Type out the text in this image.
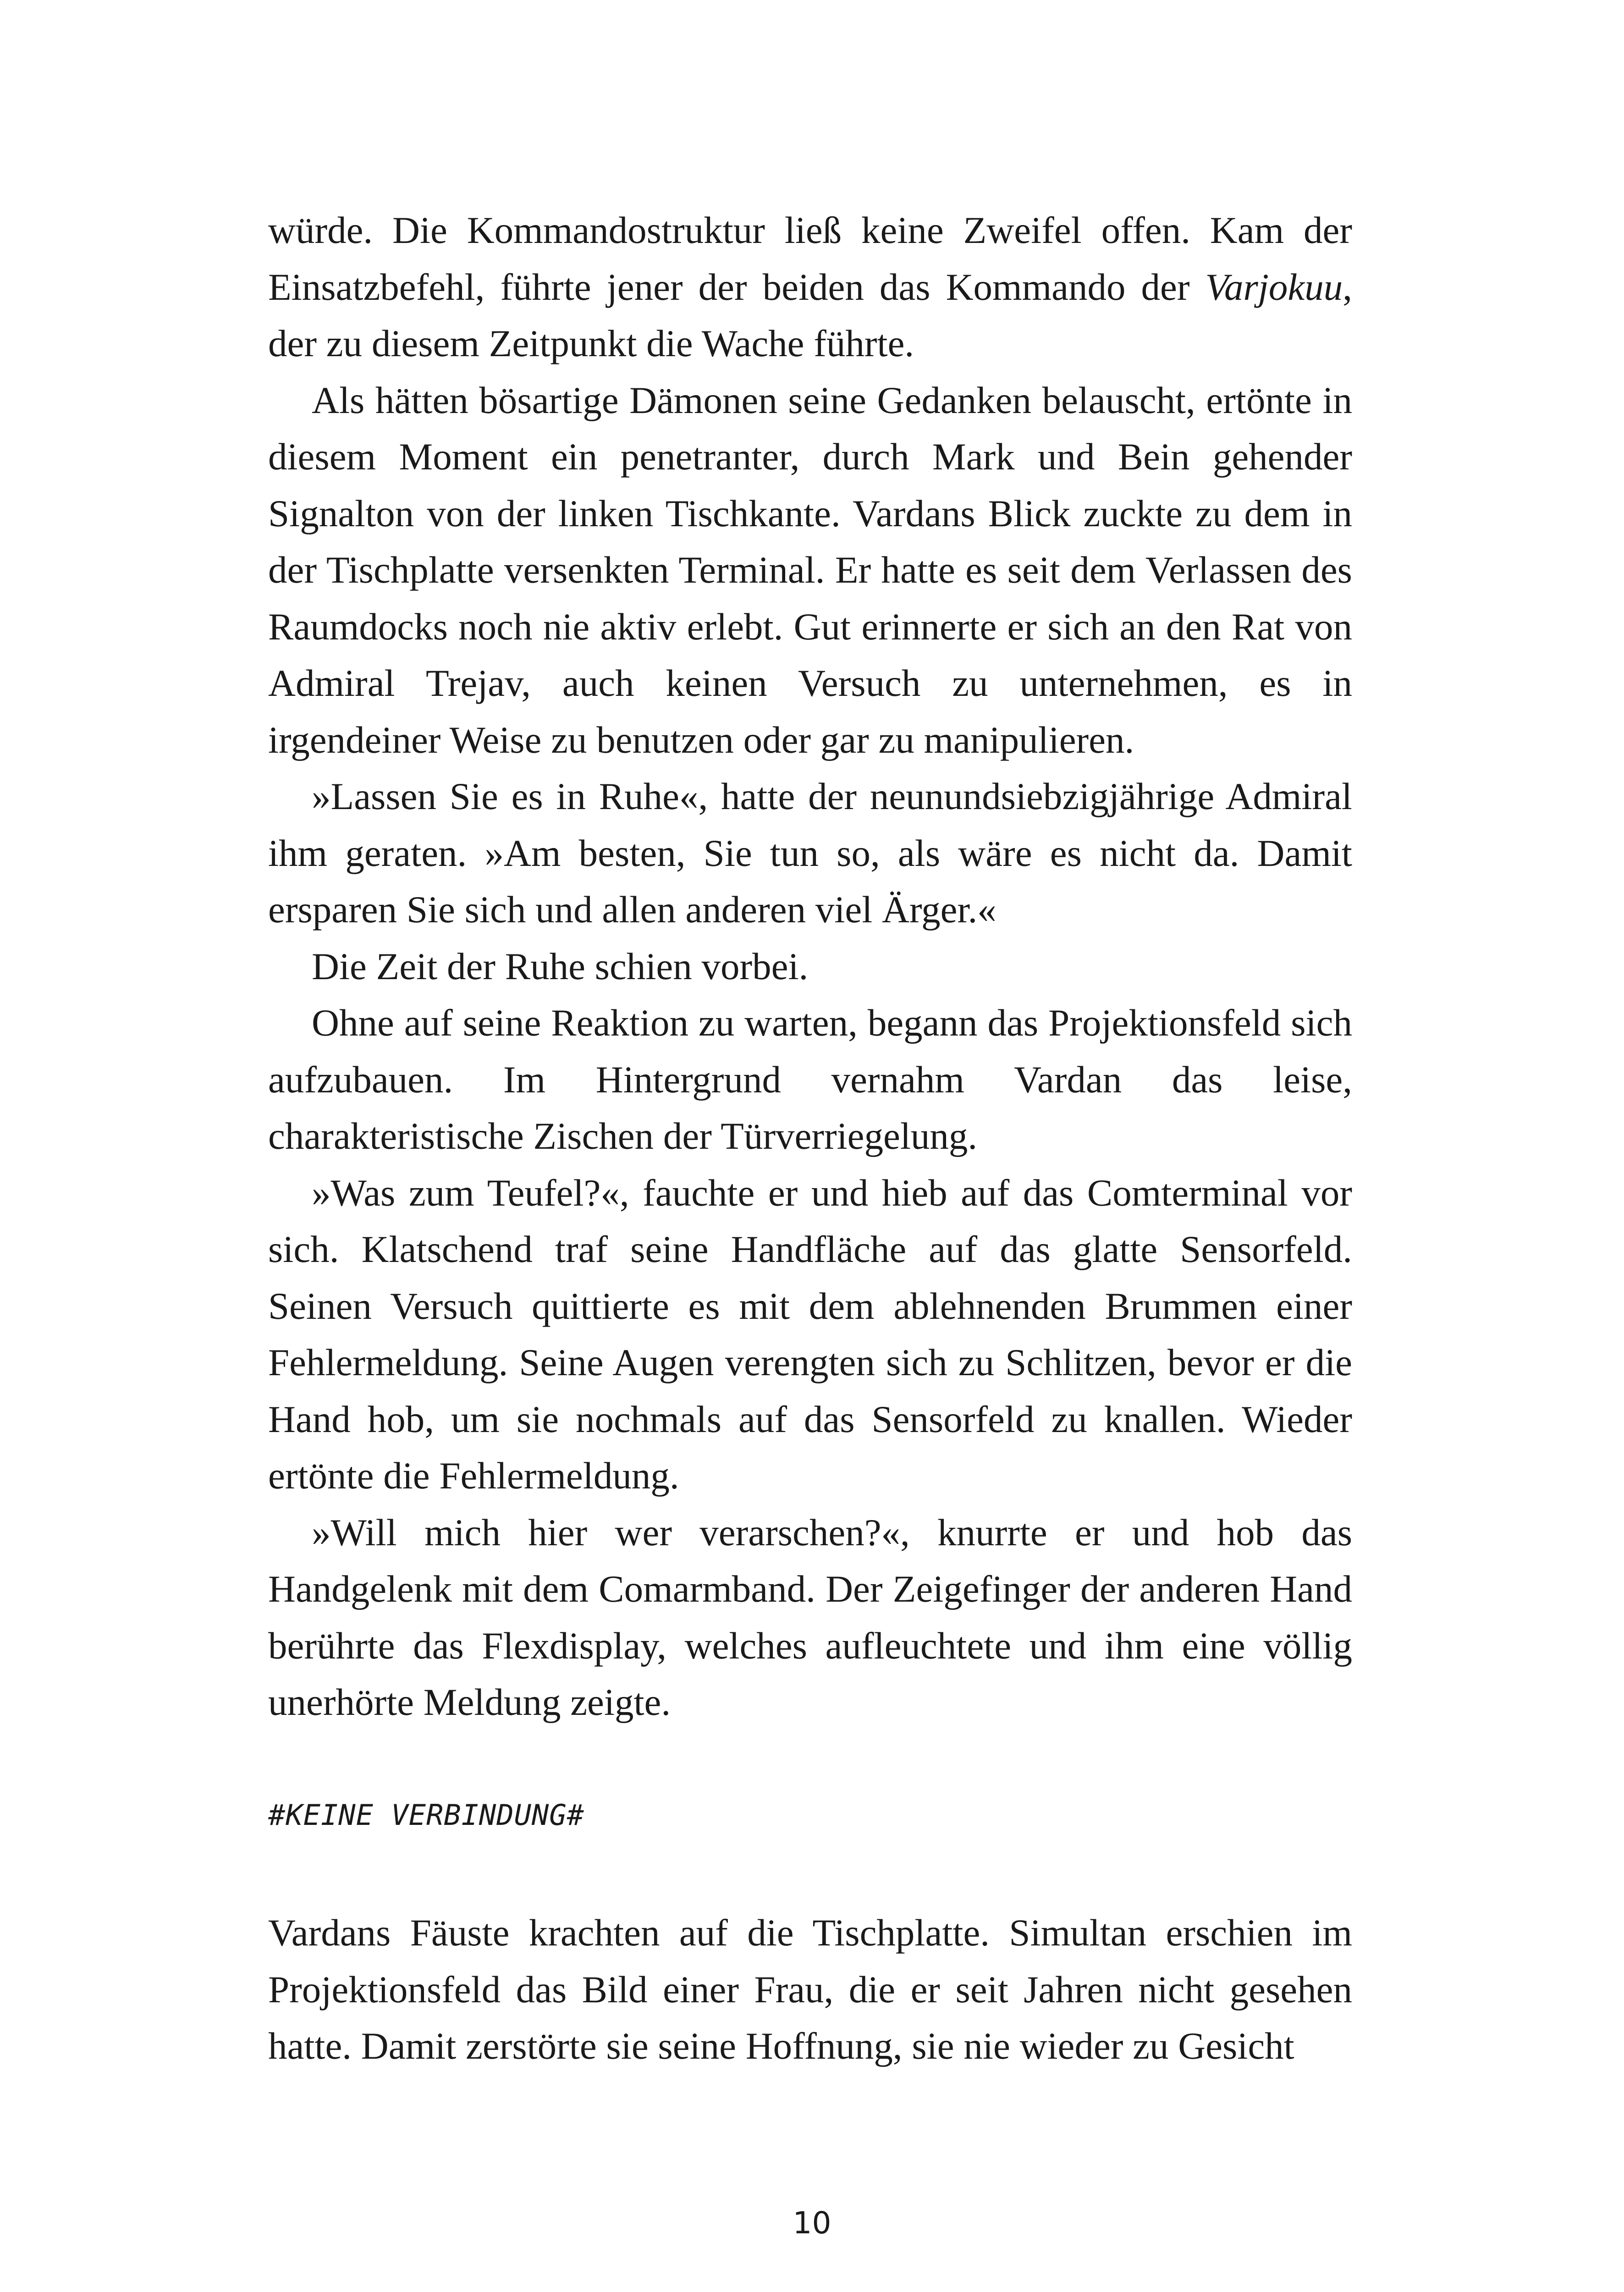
würde. Die Kommandostruktur ließ keine Zweifel offen. Kam der Einsatzbefehl, führte jener der beiden das Kommando der Varjokuu, der zu diesem Zeitpunkt die Wache führte.

Als hätten bösartige Dämonen seine Gedanken belauscht, ertönte in diesem Moment ein penetranter, durch Mark und Bein gehender Signalton von der linken Tischkante. Vardans Blick zuckte zu dem in der Tischplatte versenkten Terminal. Er hatte es seit dem Verlassen des Raumdocks noch nie aktiv erlebt. Gut erinnerte er sich an den Rat von Admiral Trejav, auch keinen Versuch zu unternehmen, es in irgendeiner Weise zu benutzen oder gar zu manipulieren.

»Lassen Sie es in Ruhe«, hatte der neunundsiebzigjährige Admiral ihm geraten. »Am besten, Sie tun so, als wäre es nicht da. Damit ersparen Sie sich und allen anderen viel Ärger.«

Die Zeit der Ruhe schien vorbei.

Ohne auf seine Reaktion zu warten, begann das Projektionsfeld sich aufzubauen. Im Hintergrund vernahm Vardan das leise, charakteristische Zischen der Türverriegelung.

»Was zum Teufel?«, fauchte er und hieb auf das Comterminal vor sich. Klatschend traf seine Handfläche auf das glatte Sensorfeld. Seinen Versuch quittierte es mit dem ablehnenden Brummen einer Fehlermeldung. Seine Augen verengten sich zu Schlitzen, bevor er die Hand hob, um sie nochmals auf das Sensorfeld zu knallen. Wieder ertönte die Fehlermeldung.

»Will mich hier wer verarschen?«, knurrte er und hob das Handgelenk mit dem Comarmband. Der Zeigefinger der anderen Hand berührte das Flexdisplay, welches aufleuchtete und ihm eine völlig unerhörte Meldung zeigte.

#KEINE VERBINDUNG#

Vardans Fäuste krachten auf die Tischplatte. Simultan erschien im Projektionsfeld das Bild einer Frau, die er seit Jahren nicht gesehen hatte. Damit zerstörte sie seine Hoffnung, sie nie wieder zu Gesicht

10
